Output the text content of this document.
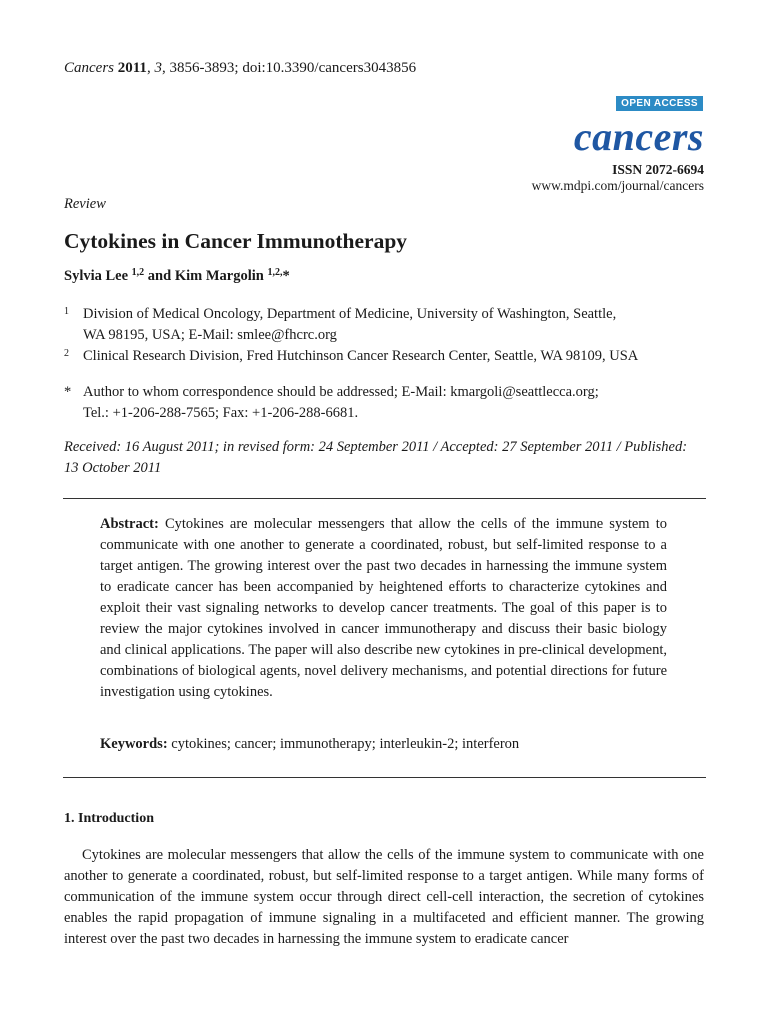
Cancers 2011, 3, 3856-3893; doi:10.3390/cancers3043856
OPEN ACCESS
cancers
ISSN 2072-6694
www.mdpi.com/journal/cancers
Review
Cytokines in Cancer Immunotherapy
Sylvia Lee $^{1,2}$ and Kim Margolin $^{1,2,}$*
1 Division of Medical Oncology, Department of Medicine, University of Washington, Seattle,
WA 98195, USA; E-Mail: smlee@fhcrc.org
2 Clinical Research Division, Fred Hutchinson Cancer Research Center, Seattle, WA 98109, USA
* Author to whom correspondence should be addressed; E-Mail: kmargoli@seattlecca.org;
Tel.: +1-206-288-7565; Fax: +1-206-288-6681.
Received: 16 August 2011; in revised form: 24 September 2011 / Accepted: 27 September 2011 / Published: 13 October 2011
Abstract: Cytokines are molecular messengers that allow the cells of the immune system to communicate with one another to generate a coordinated, robust, but self-limited response to a target antigen. The growing interest over the past two decades in harnessing the immune system to eradicate cancer has been accompanied by heightened efforts to characterize cytokines and exploit their vast signaling networks to develop cancer treatments. The goal of this paper is to review the major cytokines involved in cancer immunotherapy and discuss their basic biology and clinical applications. The paper will also describe new cytokines in pre-clinical development, combinations of biological agents, novel delivery mechanisms, and potential directions for future investigation using cytokines.
Keywords: cytokines; cancer; immunotherapy; interleukin-2; interferon
1. Introduction

Cytokines are molecular messengers that allow the cells of the immune system to communicate with one another to generate a coordinated, robust, but self-limited response to a target antigen. While many forms of communication of the immune system occur through direct cell-cell interaction, the secretion of cytokines enables the rapid propagation of immune signaling in a multifaceted and efficient manner. The growing interest over the past two decades in harnessing the immune system to eradicate cancer
